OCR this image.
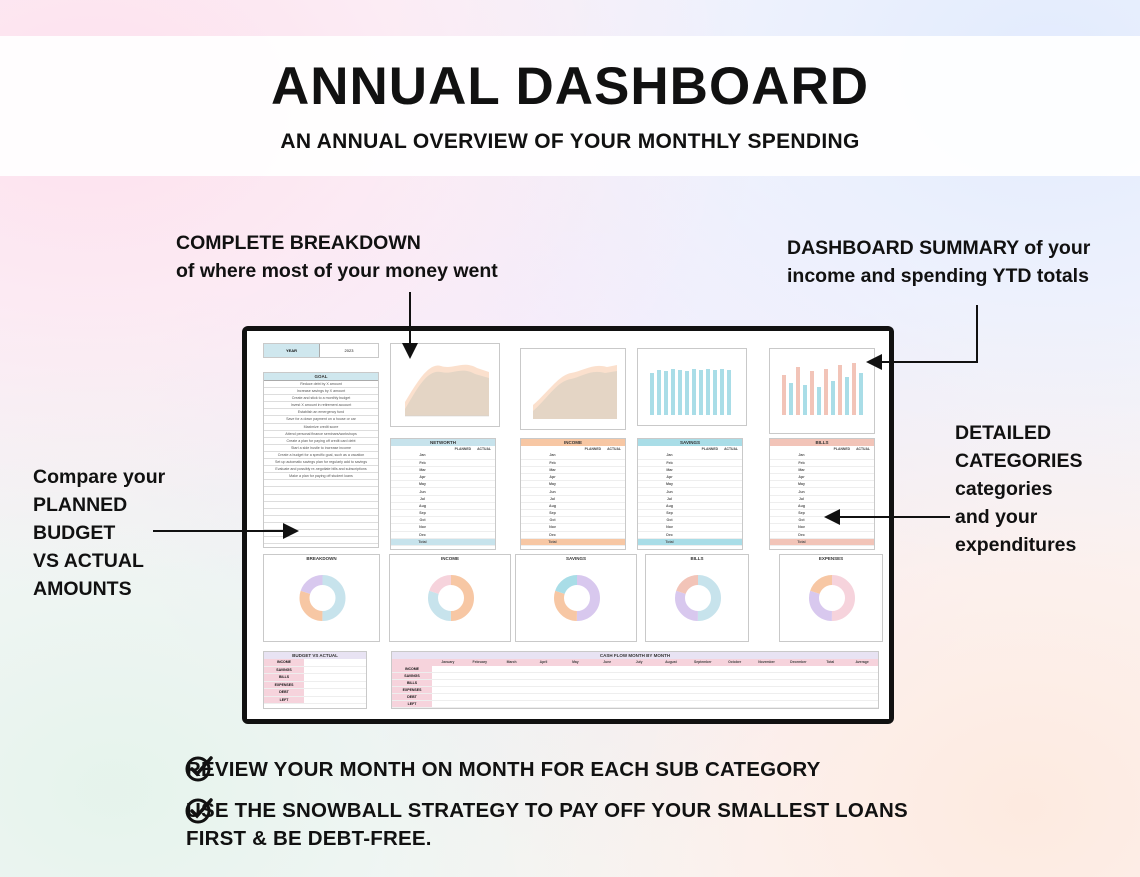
ANNUAL DASHBOARD
AN ANNUAL OVERVIEW OF YOUR MONTHLY SPENDING
COMPLETE BREAKDOWN
of where most of your money went
DASHBOARD SUMMARY of your
income and spending YTD totals
Compare your
PLANNED
BUDGET
VS ACTUAL
AMOUNTS
DETAILED
CATEGORIES
categories
and your
expenditures
YEAR	2023
GOAL
Reduce debt by X amount
Increase savings by X amount
Create and stick to a monthly budget
Invest X amount in retirement account
Establish an emergency fund
Save for a down payment on a house or car
Maximize credit score
Attend personal finance seminars/workshops
Create a plan for paying off credit card debt
Start a side hustle to increase income
Create a budget for a specific goal, such as a vacation
Set up automatic savings plan for regularly add to savings
Evaluate and possibly re-negotiate bills and subscriptions
Make a plan for paying off student loans
NETWORTH
PLANNED ACTUAL
Jan		
Feb		
Mar		
Apr		
May		
Jun		
Jul		
Aug		
Sep		
Oct		
Nov		
Dec		
Total		
INCOME
PLANNED ACTUAL
Jan		
Feb		
Mar		
Apr		
May		
Jun		
Jul		
Aug		
Sep		
Oct		
Nov		
Dec		
Total		
SAVINGS
PLANNED ACTUAL
Jan		
Feb		
Mar		
Apr		
May		
Jun		
Jul		
Aug		
Sep		
Oct		
Nov		
Dec		
Total		
BILLS
PLANNED ACTUAL
Jan		
Feb		
Mar		
Apr		
May		
Jun		
Jul		
Aug		
Sep		
Oct		
Nov		
Dec		
Total		
BREAKDOWN	INCOME	SAVINGS	BILLS	EXPENSES
BUDGET VS ACTUAL
INCOME
SAVINGS
BILLS
EXPENSES
DEBT
LEFT
CASH FLOW MONTH BY MONTH
January	February	March	April	May	June	July	August	September	October	November	December	Total	Average
INCOME
SAVINGS
BILLS
EXPENSES
DEBT
LEFT
REVIEW YOUR MONTH ON MONTH FOR EACH SUB CATEGORY
USE THE SNOWBALL STRATEGY TO PAY OFF YOUR SMALLEST LOANS
FIRST & BE DEBT-FREE.
